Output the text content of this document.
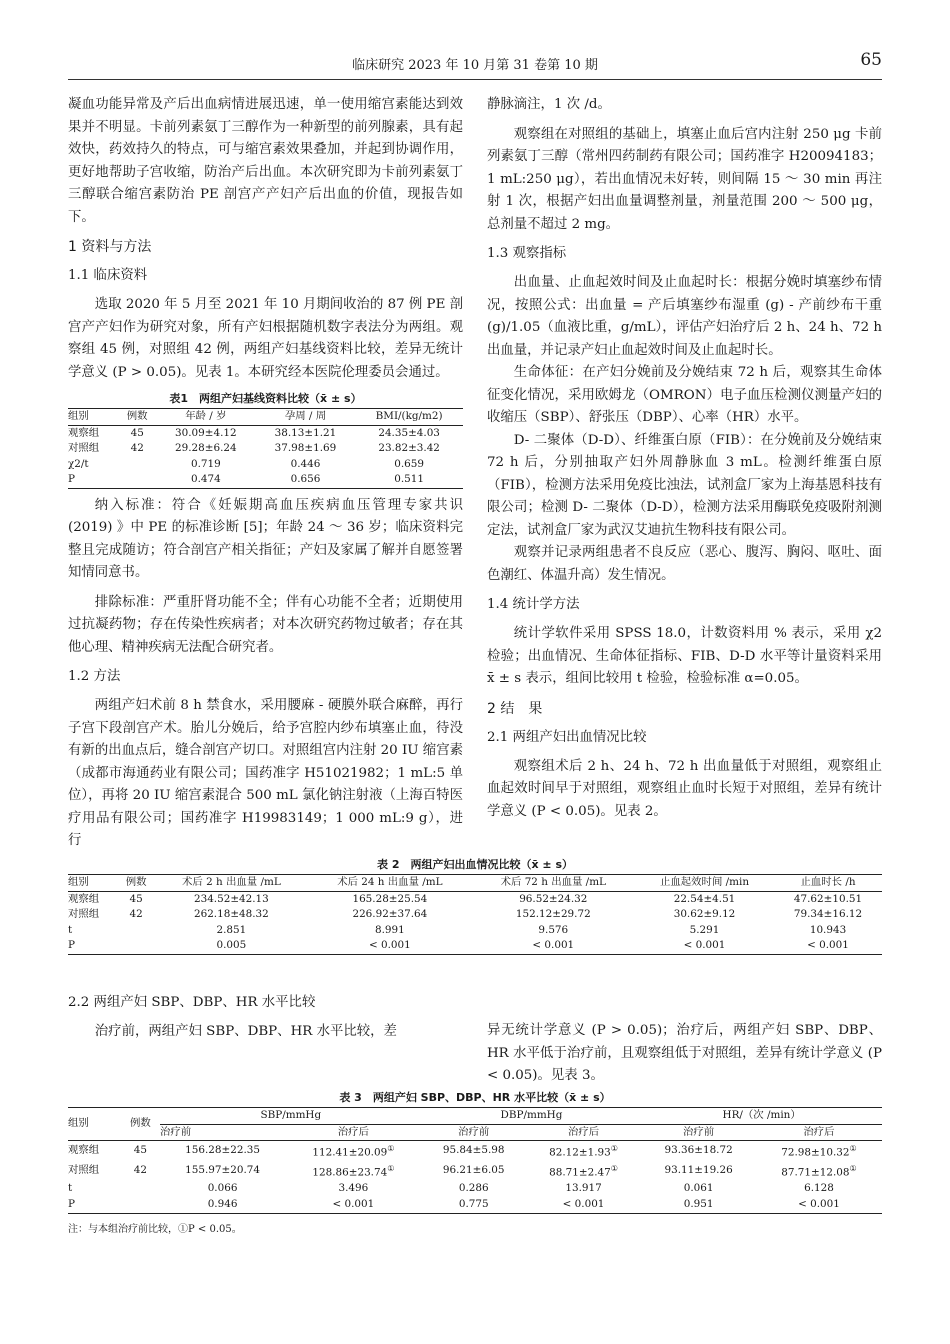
临床研究 2023 年 10 月第 31 卷第 10 期	65

凝血功能异常及产后出血病情进展迅速，单一使用缩宫素能达到效果并不明显。卡前列素氨丁三醇作为一种新型的前列腺素，具有起效快，药效持久的特点，可与缩宫素效果叠加，并起到协调作用，更好地帮助子宫收缩，防治产后出血。本次研究即为卡前列素氨丁三醇联合缩宫素防治 PE 剖宫产产妇产后出血的价值，现报告如下。

1 资料与方法

1.1 临床资料

选取 2020 年 5 月至 2021 年 10 月期间收治的 87 例 PE 剖宫产产妇作为研究对象，所有产妇根据随机数字表法分为两组。观察组 45 例，对照组 42 例，两组产妇基线资料比较，差异无统计学意义 (P > 0.05)。见表 1。本研究经本医院伦理委员会通过。

表1　两组产妇基线资料比较（x̄ ± s）
组别	例数	年龄 / 岁	孕周 / 周	BMI/(kg/m2)
观察组	45	30.09±4.12	38.13±1.21	24.35±4.03
对照组	42	29.28±6.24	37.98±1.69	23.82±3.42
χ2/t		0.719	0.446	0.659
P		0.474	0.656	0.511

纳入标准：符合《妊娠期高血压疾病血压管理专家共识 (2019) 》中 PE 的标准诊断 [5]；年龄 24 ～ 36 岁；临床资料完整且完成随访；符合剖宫产相关指征；产妇及家属了解并自愿签署知情同意书。

排除标准：严重肝肾功能不全；伴有心功能不全者；近期使用过抗凝药物；存在传染性疾病者；对本次研究药物过敏者；存在其他心理、精神疾病无法配合研究者。

1.2 方法

两组产妇术前 8 h 禁食水，采用腰麻 - 硬膜外联合麻醉，再行子宫下段剖宫产术。胎儿分娩后，给予宫腔内纱布填塞止血，待没有新的出血点后，缝合剖宫产切口。对照组宫内注射 20 IU 缩宫素（成都市海通药业有限公司；国药准字 H51021982；1 mL:5 单位），再将 20 IU 缩宫素混合 500 mL 氯化钠注射液（上海百特医疗用品有限公司；国药准字 H19983149；1 000 mL:9 g），进行

静脉滴注，1 次 /d。

观察组在对照组的基础上，填塞止血后宫内注射 250 μg 卡前列素氨丁三醇（常州四药制药有限公司；国药准字 H20094183；1 mL:250 μg），若出血情况未好转，则间隔 15 ～ 30 min 再注射 1 次，根据产妇出血量调整剂量，剂量范围 200 ～ 500 μg，总剂量不超过 2 mg。

1.3 观察指标

出血量、止血起效时间及止血起时长：根据分娩时填塞纱布情况，按照公式：出血量 = 产后填塞纱布湿重 (g) - 产前纱布干重 (g)/1.05（血液比重，g/mL），评估产妇治疗后 2 h、24 h、72 h 出血量，并记录产妇止血起效时间及止血起时长。

生命体征：在产妇分娩前及分娩结束 72 h 后，观察其生命体征变化情况，采用欧姆龙（OMRON）电子血压检测仪测量产妇的收缩压（SBP）、舒张压（DBP）、心率（HR）水平。

D- 二聚体（D-D）、纤维蛋白原（FIB）：在分娩前及分娩结束 72 h 后，分别抽取产妇外周静脉血 3 mL。检测纤维蛋白原（FIB），检测方法采用免疫比浊法，试剂盒厂家为上海基恩科技有限公司；检测 D- 二聚体（D-D），检测方法采用酶联免疫吸附剂测定法，试剂盒厂家为武汉艾迪抗生物科技有限公司。

观察并记录两组患者不良反应（恶心、腹泻、胸闷、呕吐、面色潮红、体温升高）发生情况。

1.4 统计学方法

统计学软件采用 SPSS 18.0，计数资料用 % 表示，采用 χ2 检验；出血情况、生命体征指标、FIB、D-D 水平等计量资料采用 x̄ ± s 表示，组间比较用 t 检验，检验标准 α=0.05。

2 结　果

2.1 两组产妇出血情况比较

观察组术后 2 h、24 h、72 h 出血量低于对照组，观察组止血起效时间早于对照组，观察组止血时长短于对照组，差异有统计学意义 (P < 0.05)。见表 2。

表 2　两组产妇出血情况比较（x̄ ± s）
组别	例数	术后 2 h 出血量 /mL	术后 24 h 出血量 /mL	术后 72 h 出血量 /mL	止血起效时间 /min	止血时长 /h
观察组	45	234.52±42.13	165.28±25.54	96.52±24.32	22.54±4.51	47.62±10.51
对照组	42	262.18±48.32	226.92±37.64	152.12±29.72	30.62±9.12	79.34±16.12
t		2.851	8.991	9.576	5.291	10.943
P		0.005	< 0.001	< 0.001	< 0.001	< 0.001

2.2 两组产妇 SBP、DBP、HR 水平比较

治疗前，两组产妇 SBP、DBP、HR 水平比较，差	异无统计学意义 (P > 0.05)；治疗后，两组产妇 SBP、DBP、HR 水平低于治疗前，且观察组低于对照组，差异有统计学意义 (P < 0.05)。见表 3。

表 3　两组产妇 SBP、DBP、HR 水平比较（x̄ ± s）
组别	例数	SBP/mmHg		DBP/mmHg		HR/（次 /min）	
		治疗前	治疗后	治疗前	治疗后	治疗前	治疗后
观察组	45	156.28±22.35	112.41±20.09①	95.84±5.98	82.12±1.93①	93.36±18.72	72.98±10.32①
对照组	42	155.97±20.74	128.86±23.74①	96.21±6.05	88.71±2.47①	93.11±19.26	87.71±12.08①
t		0.066	3.496	0.286	13.917	0.061	6.128
P		0.946	< 0.001	0.775	< 0.001	0.951	< 0.001
注：与本组治疗前比较，①P < 0.05。
